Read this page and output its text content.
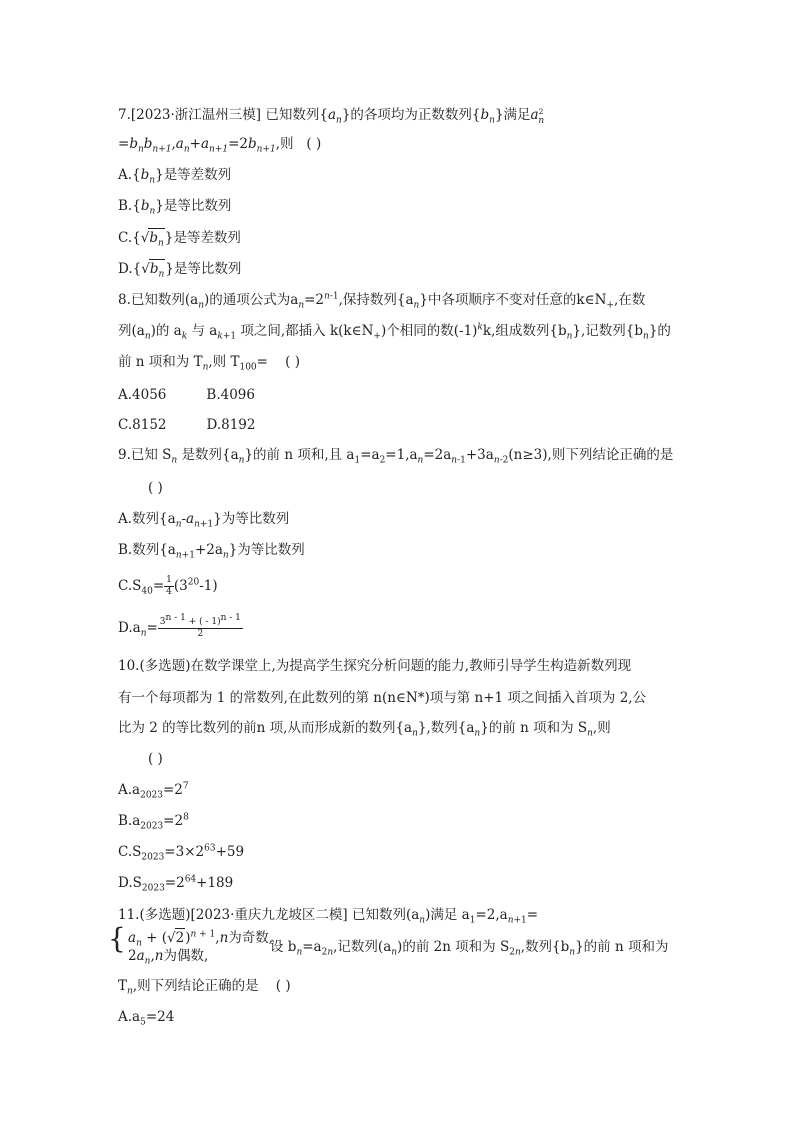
7.[2023·浙江温州三模] 已知数列$\{a_n\}$的各项均为正数数列$\{b_n\}$满足$a^2_n$
$=b_nb_{n+1},a_n+a_{n+1}=2b_{n+1}$,则 ( )
$A.\{b_n\}$是等差数列
$B.\{b_n\}$是等比数列
$C.\{√b_n\}$是等差数列
$D.\{√b_n\}$是等比数列
8.已知数列$(a_n)$的通项公式为$a_n=2^{n-1}$,保持数列$\{a_n\}$中各项顺序不变对任意的$k\in N_+$,在数
列$(a_n)$的 $a_k$ 与 $a_{k+1}$ 项之间,都插入 $k(k\in N_+)$个相同的数$(-1)^kk$,组成数列$\{b_n\}$,记数列$\{b_n\}$的
前 n 项和为 $T_n$,则 $T_{100}=$ ( )
A.4056	B.4096
C.8152	D.8192
9.已知 $S_n$ 是数列$\{a_n\}$的前 n 项和,且 $a_1=a_2=1,a_n=2a_{n-1}+3a_{n-2}(n\ge 3)$,则下列结论正确的是
( )
A.数列$\{a_n-a_{n+1}\}$为等比数列
B.数列$\{a_{n+1}+2a_n\}$为等比数列
$C.S_{40}= \frac{1}{4} (3^{20}-1)$
$D.a_n= \frac{3^{n - 1} + ( - 1)^{n - 1}}{2}$
10.(多选题)在数学课堂上,为提高学生探究分析问题的能力,教师引导学生构造新数列现
有一个每项都为 1 的常数列,在此数列的第 n(n∈N*)项与第 n+1 项之间插入首项为 2,公
比为 2 的等比数列的前n 项,从而形成新的数列$\{a_n\}$,数列$\{a_n\}$的前 n 项和为 $S_n$,则
( )
$A.a_{2023}=2^7$
$B.a_{2023}=2^8$
$C.S_{2023}=3\times 2^{63}+59$
$D.S_{2023}=2^{64}+189$
11.(多选题)[2023·重庆九龙坡区二模] 已知数列$(a_n)$满足 $a_1=2,a_{n+1}=$
{ $a_n + (√2)^{n + 1},n$为奇数,
$2a_n,n$为偶数,
设 $b_n=a_{2n}$,记数列$(a_n)$的前 2n 项和为 $S_{2n}$,数列$\{b_n\}$的前 n 项和为
$T_n$,则下列结论正确的是 ( )
$A.a_5=24$
